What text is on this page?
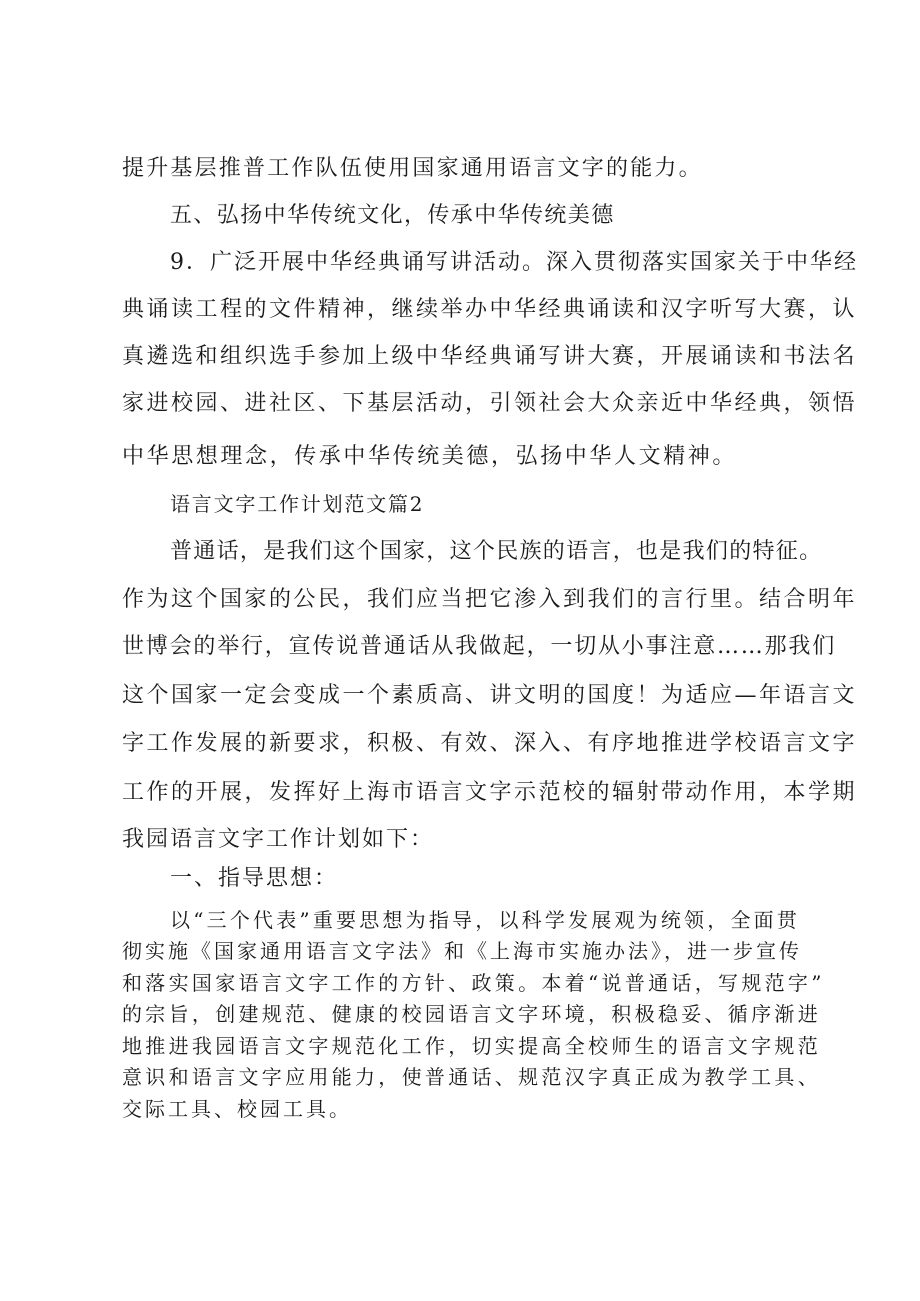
提升基层推普工作队伍使用国家通用语言文字的能力。
五、弘扬中华传统文化，传承中华传统美德
9．广泛开展中华经典诵写讲活动。深入贯彻落实国家关于中华经
典诵读工程的文件精神，继续举办中华经典诵读和汉字听写大赛，认
真遴选和组织选手参加上级中华经典诵写讲大赛，开展诵读和书法名
家进校园、进社区、下基层活动，引领社会大众亲近中华经典，领悟
中华思想理念，传承中华传统美德，弘扬中华人文精神。
语言文字工作计划范文篇2
普通话，是我们这个国家，这个民族的语言，也是我们的特征。
作为这个国家的公民，我们应当把它渗入到我们的言行里。结合明年
世博会的举行，宣传说普通话从我做起，一切从小事注意……那我们
这个国家一定会变成一个素质高、讲文明的国度！为适应—年语言文
字工作发展的新要求，积极、有效、深入、有序地推进学校语言文字
工作的开展，发挥好上海市语言文字示范校的辐射带动作用，本学期
我园语言文字工作计划如下：
一、指导思想：
以“三个代表”重要思想为指导，以科学发展观为统领，全面贯
彻实施《国家通用语言文字法》和《上海市实施办法》，进一步宣传
和落实国家语言文字工作的方针、政策。本着“说普通话，写规范字”
的宗旨，创建规范、健康的校园语言文字环境，积极稳妥、循序渐进
地推进我园语言文字规范化工作，切实提高全校师生的语言文字规范
意识和语言文字应用能力，使普通话、规范汉字真正成为教学工具、
交际工具、校园工具。
